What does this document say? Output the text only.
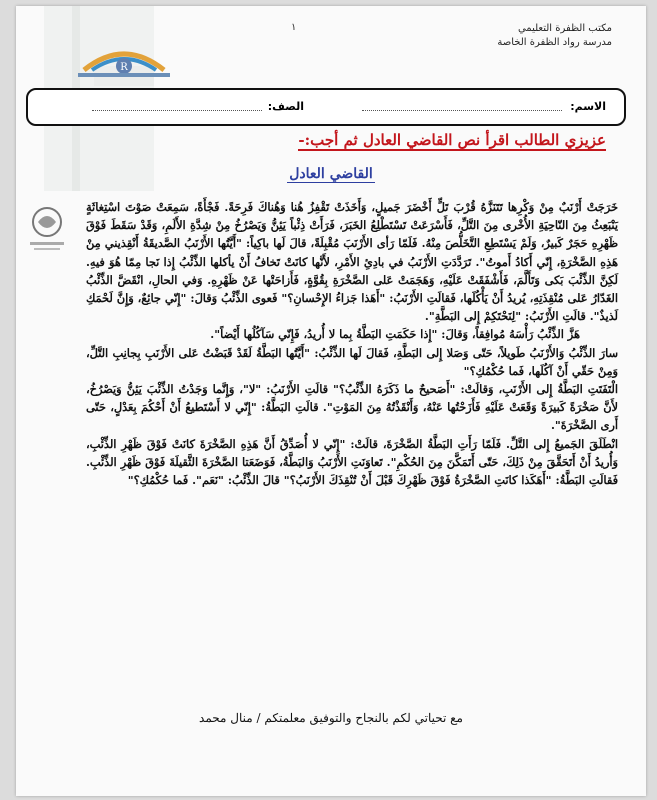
R
١	مكتب الظفرة التعليمي
مدرسة رواد الظفرة الخاصة
الاسم:
الصف:
عزيزي الطالب اقرأ نص القاضي العادل ثم أجب:-
القاضي العادل

خَرَجَتْ أَرْنَبٌ مِنْ وَكْرِها تَتَنَزَّهُ قُرْبَ تَلٍّ أَخْضَرَ جَميلٍ، وَأَخَذَتْ تَقْفِزُ هُنا وَهُناكَ فَرِحَةً. فَجْأَةً، سَمِعَتْ صَوْتَ اسْتِغاثَةٍ يَنْبَعِثُ مِنَ النّاحِيَةِ الأُخْرى مِنَ التَّلِّ، فَأَسْرَعَتْ تَسْتَطْلِعُ الخَبَرَ، فَرَأَتْ ذِئْباً يَئِنُّ وَيَصْرُخُ مِنْ شِدَّةِ الأَلَمِ، وَقَدْ سَقَطَ فَوْقَ ظَهْرِهِ حَجَرٌ كَبيرٌ، وَلَمْ يَسْتَطِعِ التَّخَلُّصَ مِنْهُ. فَلَمّا رَأى الأَرْنَبَ مُقْبِلَةً، قالَ لَها باكِياً: "أَيَّتُها الأَرْنَبُ الصَّديقَةُ أَنْقِذيني مِنْ هَذِهِ الصَّخْرَةِ، إِنّي أَكادُ أَموتُ". تَرَدَّدَتِ الأَرْنَبُ في بادِئِ الأَمْرِ، لأَنَّها كانَتْ تَخافُ أَنْ يأكلها الذِّئْبُ إِذا نَجا مِمّا هُوَ فيهِ. لَكِنَّ الذِّئْبَ بَكى وَتَأَلَّمَ، فَأَشْفَقَتْ عَلَيْهِ، وَهَجَمَتْ عَلى الصَّخْرَةِ بِقُوَّةٍ، فَأَزاحَتْها عَنْ ظَهْرِهِ. وَفي الحالِ، انْقَضَّ الذِّئْبُ الغَدّارُ عَلى مُنْقِذَتِهِ، يُريدُ أَنْ يَأْكُلَها، فَقالَتِ الأَرْنَبُ: "أَهَذا جَزاءُ الإِحْسانِ؟" فَعوى الذِّئْبُ وَقالَ: "إِنّي جائِعٌ، وَإِنَّ لَحْمَكِ لَذيذٌ". قالَتِ الأَرْنَبُ: "لِنَحْتَكِمْ إِلى البَطَّةِ".

هَزَّ الذِّئْبُ رَأْسَهُ مُوافِقاً، وَقالَ: "إِذا حَكَمَتِ البَطَّةُ بِما لا أُريدُ، فَإِنّي سَآكُلُها أَيْضاً".

سارَ الذِّئْبُ وَالأَرْنَبُ طَويلاً، حَتّى وَصَلا إِلى البَطَّةِ، فَقالَ لَها الذِّئْبُ: "أَيَّتُها البَطَّةُ لَقَدْ قَبَضْتُ عَلى الأَرْنَبِ بِجانِبِ التَّلِّ، وَمِنْ حَقّي أَنْ آكُلَها، فَما حُكْمُكِ؟"

الْتَفَتَتِ البَطَّةُ إِلى الأَرْنَبِ، وَقالَتْ: "أَصَحيحٌ ما ذَكَرَهُ الذِّئْبُ؟" قالَتِ الأَرْنَبُ: "لا"، وَإِنَّما وَجَدْتُ الذِّئْبَ يَئِنُّ وَيَصْرُخُ، لأَنَّ صَخْرَةً كَبيرَةً وَقَعَتْ عَلَيْهِ فَأَزَحْتُها عَنْهُ، وَأَنْقَذْتُهُ مِنَ المَوْتِ". قالَتِ البَطَّةُ: "إِنّي لا أَسْتَطيعُ أَنْ أَحْكُمَ بِعَدْلٍ، حَتّى أَرى الصَّخْرَةَ".

انْطَلَقَ الجَميعُ إِلى التَّلِّ. فَلَمّا رَأَتِ البَطَّةُ الصَّخْرَةَ، قالَتْ: "إِنّي لا أُصَدِّقُ أَنَّ هَذِهِ الصَّخْرَةَ كانَتْ فَوْقَ ظَهْرِ الذِّئْبِ، وَأُريدُ أَنْ أَتَحَقَّقَ مِنْ ذَلِكَ، حَتّى أَتَمَكَّنَ مِنَ الحُكْمِ". تَعاوَنَتِ الأَرْنَبُ وَالبَطَّةُ، فَوَضَعَتا الصَّخْرَةَ الثَّقيلَةَ فَوْقَ ظَهْرِ الذِّئْبِ. فَقالَتِ البَطَّةُ: "أَهَكَذا كانَتِ الصَّخْرَةُ فَوْقَ ظَهْرِكَ قَبْلَ أَنْ تُنْقِذَكَ الأَرْنَبُ؟" قالَ الذِّئْبُ: "نَعَم". فَما حُكْمُكِ؟"

مع تحياتي لكم بالنجاح والتوفيق معلمتكم / منال محمد
